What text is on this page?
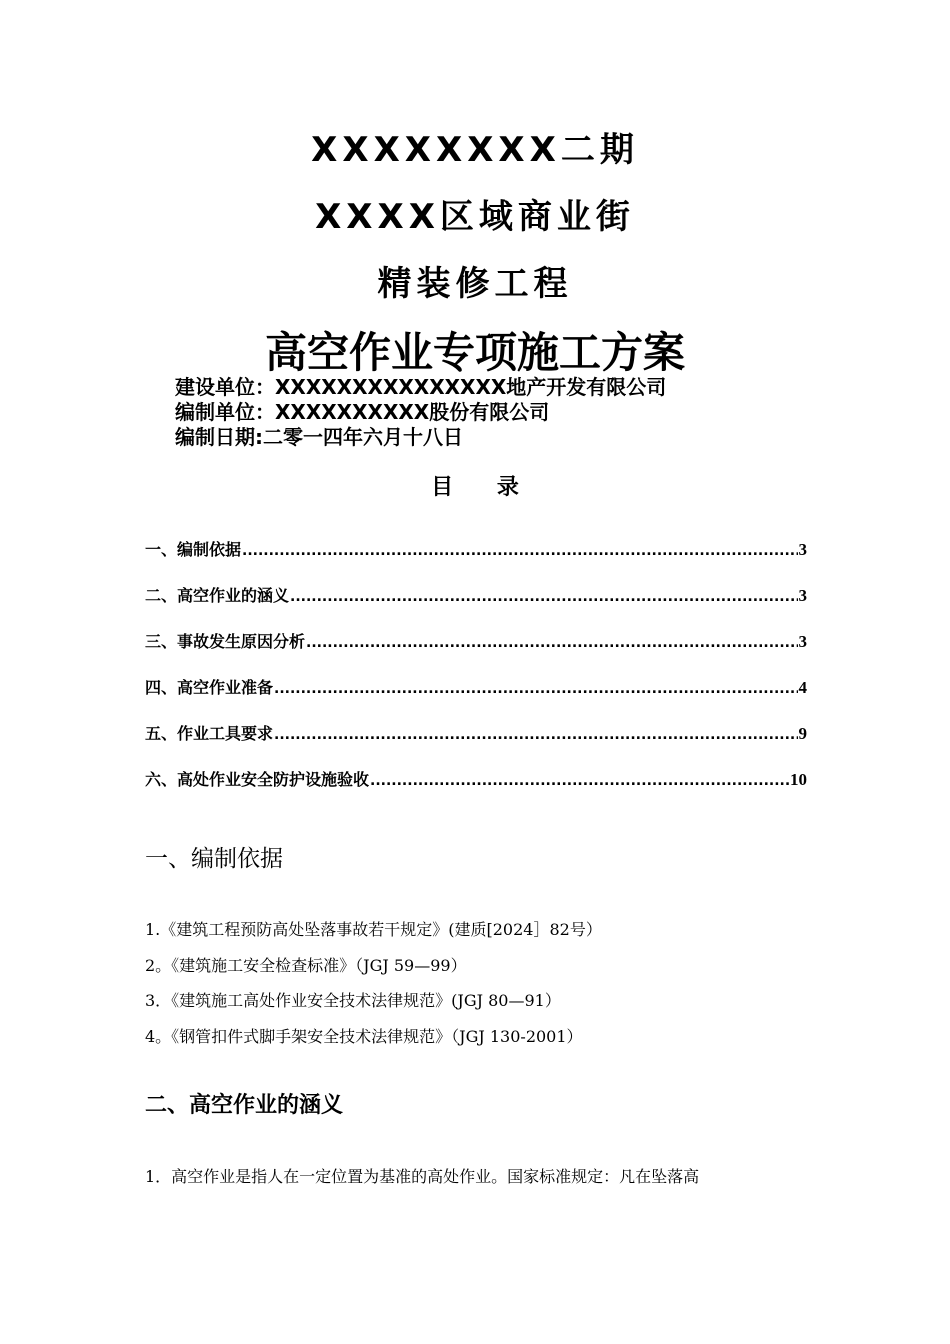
XXXXXXXX二期
XXXX区域商业街
精装修工程
高空作业专项施工方案
建设单位：XXXXXXXXXXXXXXX地产开发有限公司
编制单位：XXXXXXXXXX股份有限公司
编制日期:二零一四年六月十八日
目 录
一、编制依据 .....	3
二、高空作业的涵义 .....	3
三、事故发生原因分析 .....	3
四、高空作业准备 .....	4
五、作业工具要求 .....	9
六、高处作业安全防护设施验收 .....	10
一、编制依据
1.《建筑工程预防高处坠落事故若干规定》(建质[2024］82号）
2。《建筑施工安全检查标准》（JGJ 59—99）
3．《建筑施工高处作业安全技术法律规范》(JGJ 80—91）
4。《钢管扣件式脚手架安全技术法律规范》（JGJ 130-2001）
二、高空作业的涵义
1．高空作业是指人在一定位置为基准的高处作业。国家标准规定：凡在坠落高
